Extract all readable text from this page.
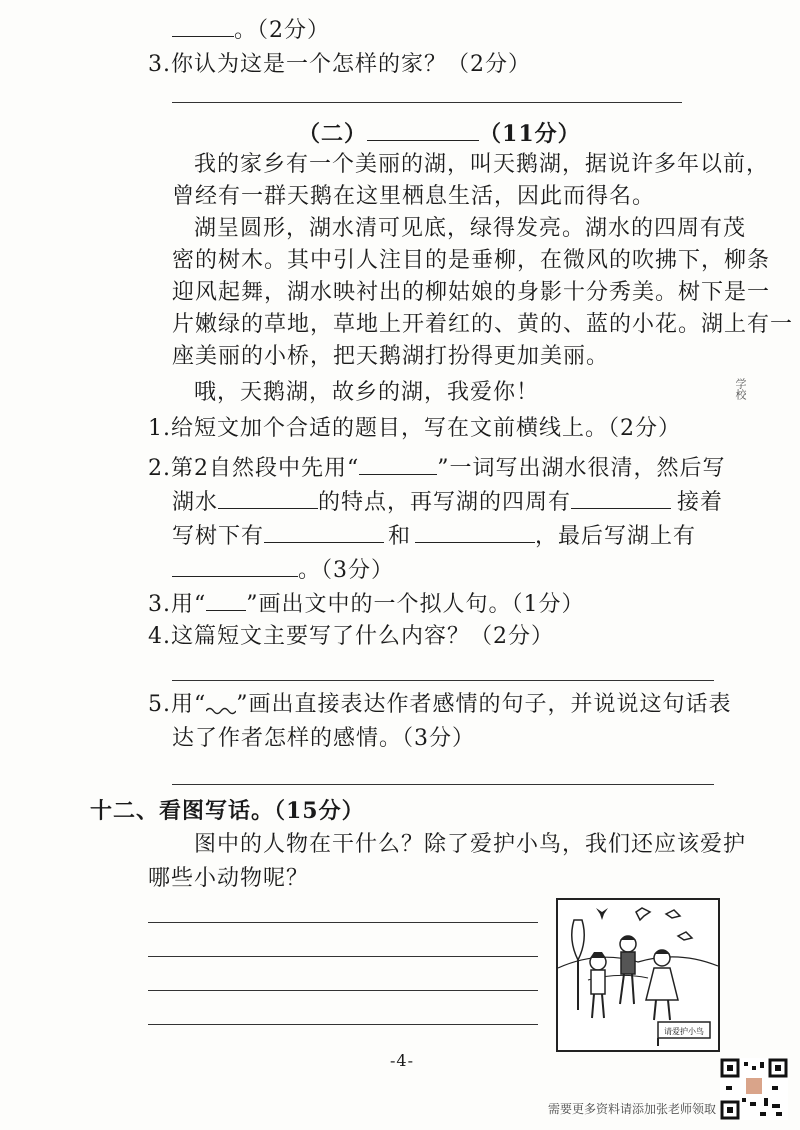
。（2分）
3.你认为这是一个怎样的家？（2分）
（二）	（11分）
我的家乡有一个美丽的湖，叫天鹅湖，据说许多年以前，
曾经有一群天鹅在这里栖息生活，因此而得名。
湖呈圆形，湖水清可见底，绿得发亮。湖水的四周有茂
密的树木。其中引人注目的是垂柳，在微风的吹拂下，柳条
迎风起舞，湖水映衬出的柳姑娘的身影十分秀美。树下是一
片嫩绿的草地，草地上开着红的、黄的、蓝的小花。湖上有一
座美丽的小桥，把天鹅湖打扮得更加美丽。
哦，天鹅湖，故乡的湖，我爱你！
1.给短文加个合适的题目，写在文前横线上。（2分）
2.第2自然段中先用“	”一词写出湖水很清，然后写
湖水	的特点，再写湖的四周有	接着
写树下有	和	，最后写湖上有
。（3分）
3.用“ ”画出文中的一个拟人句。（1分）
4.这篇短文主要写了什么内容？（2分）
5.用“ ”画出直接表达作者感情的句子，并说说这句话表
达了作者怎样的感情。（3分）
十二、看图写话。（15分）
图中的人物在干什么？除了爱护小鸟，我们还应该爱护
哪些小动物呢？
请爱护小鸟
-4-
学校
需要更多资料请添加张老师领取
